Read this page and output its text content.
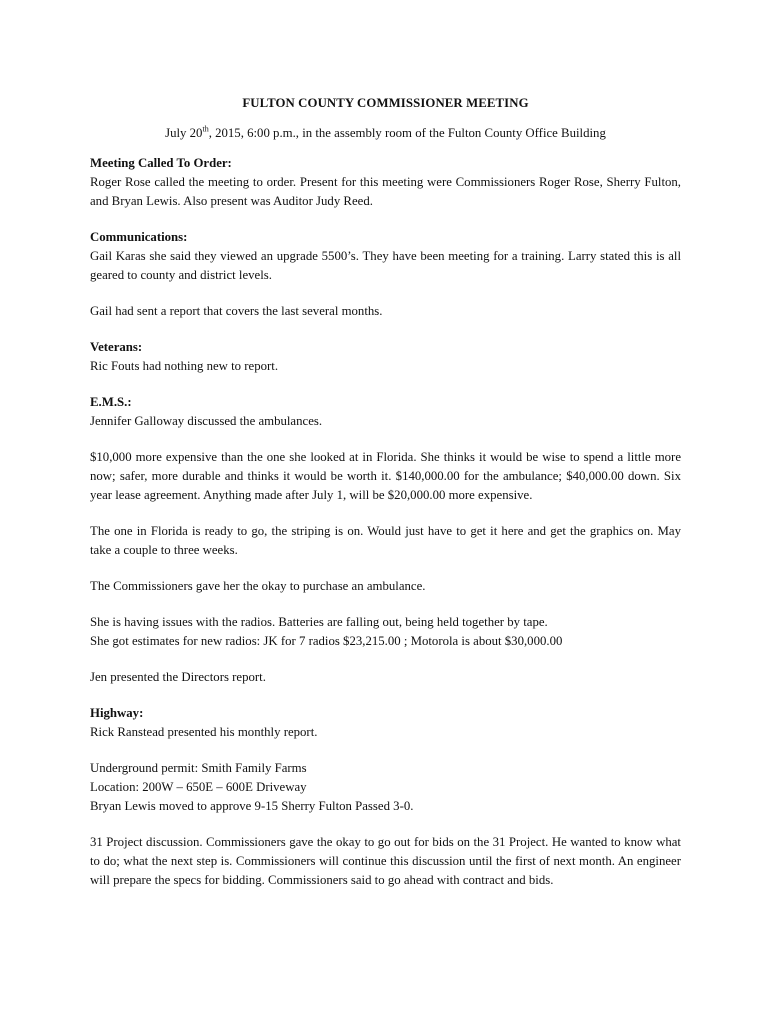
FULTON COUNTY COMMISSIONER MEETING
July 20th, 2015, 6:00 p.m., in the assembly room of the Fulton County Office Building
Meeting Called To Order:

Roger Rose called the meeting to order. Present for this meeting were Commissioners Roger Rose, Sherry Fulton, and Bryan Lewis. Also present was Auditor Judy Reed.

Communications:

Gail Karas she said they viewed an upgrade 5500’s. They have been meeting for a training. Larry stated this is all geared to county and district levels.

Gail had sent a report that covers the last several months.

Veterans:

Ric Fouts had nothing new to report.

E.M.S.:

Jennifer Galloway discussed the ambulances.

$10,000 more expensive than the one she looked at in Florida. She thinks it would be wise to spend a little more now; safer, more durable and thinks it would be worth it. $140,000.00 for the ambulance; $40,000.00 down. Six year lease agreement. Anything made after July 1, will be $20,000.00 more expensive.

The one in Florida is ready to go, the striping is on. Would just have to get it here and get the graphics on. May take a couple to three weeks.

The Commissioners gave her the okay to purchase an ambulance.

She is having issues with the radios. Batteries are falling out, being held together by tape.
She got estimates for new radios: JK for 7 radios $23,215.00 ; Motorola is about $30,000.00

Jen presented the Directors report.

Highway:

Rick Ranstead presented his monthly report.

Underground permit: Smith Family Farms
Location: 200W – 650E – 600E Driveway
Bryan Lewis moved to approve 9-15 Sherry Fulton Passed 3-0.

31 Project discussion. Commissioners gave the okay to go out for bids on the 31 Project. He wanted to know what to do; what the next step is. Commissioners will continue this discussion until the first of next month. An engineer will prepare the specs for bidding. Commissioners said to go ahead with contract and bids.
